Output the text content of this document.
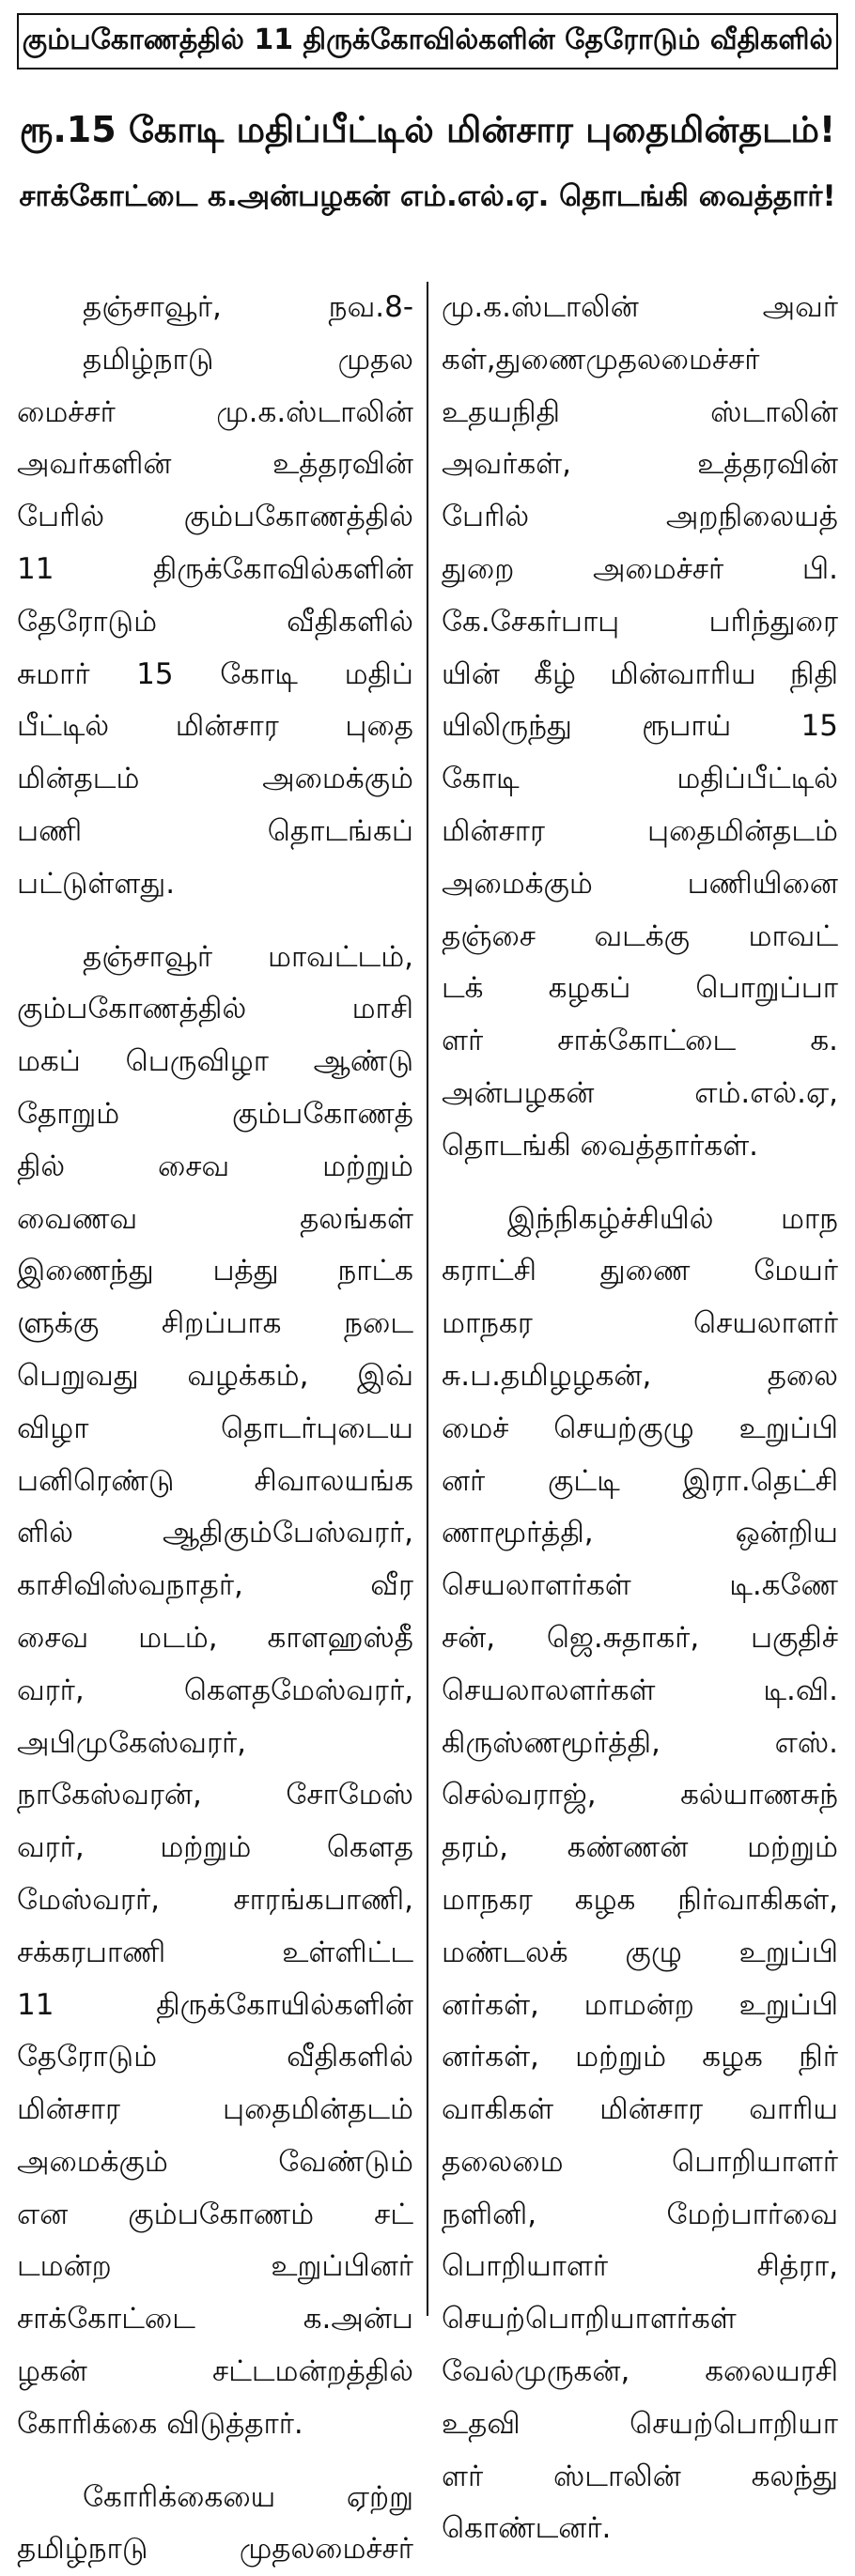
கும்பகோணத்தில் 11 திருக்கோவில்களின் தேரோடும் வீதிகளில்
ரூ.15 கோடி மதிப்பீட்டில் மின்சார புதைமின்தடம்!
சாக்கோட்டை க.அன்பழகன் எம்.எல்.ஏ. தொடங்கி வைத்தார்!
தஞ்சாவூர், நவ.8-
தமிழ்நாடு முதல
மைச்சர் மு.க.ஸ்டாலின்
அவர்களின் உத்தரவின்
பேரில் கும்பகோணத்தில்
11 திருக்கோவில்களின்
தேரோடும் வீதிகளில்
சுமார் 15 கோடி மதிப்
பீட்டில் மின்சார புதை
மின்தடம் அமைக்கும்
பணி தொடங்கப்
பட்டுள்ளது.
தஞ்சாவூர் மாவட்டம்,
கும்பகோணத்தில் மாசி
மகப் பெருவிழா ஆண்டு
தோறும் கும்பகோணத்
தில் சைவ மற்றும்
வைணவ தலங்கள்
இணைந்து பத்து நாட்க
ளுக்கு சிறப்பாக நடை
பெறுவது வழக்கம், இவ்
விழா தொடர்புடைய
பனிரெண்டு சிவாலயங்க
ளில் ஆதிகும்பேஸ்வரர்,
காசிவிஸ்வநாதர், வீர
சைவ மடம், காளஹஸ்தீ
வரர், கௌதமேஸ்வரர்,
அபிமுகேஸ்வரர்,
நாகேஸ்வரன், சோமேஸ்
வரர், மற்றும் கௌத
மேஸ்வரர், சாரங்கபாணி,
சக்கரபாணி உள்ளிட்ட
11 திருக்கோயில்களின்
தேரோடும் வீதிகளில்
மின்சார புதைமின்தடம்
அமைக்கும் வேண்டும்
என கும்பகோணம் சட்
டமன்ற உறுப்பினர்
சாக்கோட்டை க.அன்ப
ழகன் சட்டமன்றத்தில்
கோரிக்கை விடுத்தார்.
கோரிக்கையை ஏற்று
தமிழ்நாடு முதலமைச்சர்
மு.க.ஸ்டாலின் அவர்
கள்,துணைமுதலமைச்சர்
உதயநிதி ஸ்டாலின்
அவர்கள், உத்தரவின்
பேரில் அறநிலையத்
துறை அமைச்சர் பி.
கே.சேகர்பாபு பரிந்துரை
யின் கீழ் மின்வாரிய நிதி
யிலிருந்து ரூபாய் 15
கோடி மதிப்பீட்டில்
மின்சார புதைமின்தடம்
அமைக்கும் பணியினை
தஞ்சை வடக்கு மாவட்
டக் கழகப் பொறுப்பா
ளர் சாக்கோட்டை க.
அன்பழகன் எம்.எல்.ஏ,
தொடங்கி வைத்தார்கள்.
இந்நிகழ்ச்சியில் மாந
கராட்சி துணை மேயர்
மாநகர செயலாளர்
சு.ப.தமிழழகன், தலை
மைச் செயற்குழு உறுப்பி
னர் குட்டி இரா.தெட்சி
ணாமூர்த்தி, ஒன்றிய
செயலாளர்கள் டி.கணே
சன், ஜெ.சுதாகர், பகுதிச்
செயலாலளர்கள் டி.வி.
கிருஸ்ணமூர்த்தி, எஸ்.
செல்வராஜ், கல்யாணசுந்
தரம், கண்ணன் மற்றும்
மாநகர கழக நிர்வாகிகள்,
மண்டலக் குழு உறுப்பி
னர்கள், மாமன்ற உறுப்பி
னர்கள், மற்றும் கழக நிர்
வாகிகள் மின்சார வாரிய
தலைமை பொறியாளர்
நளினி, மேற்பார்வை
பொறியாளர் சித்ரா,
செயற்பொறியாளர்கள்
வேல்முருகன், கலையரசி
உதவி செயற்பொறியா
ளர் ஸ்டாலின் கலந்து
கொண்டனர்.
